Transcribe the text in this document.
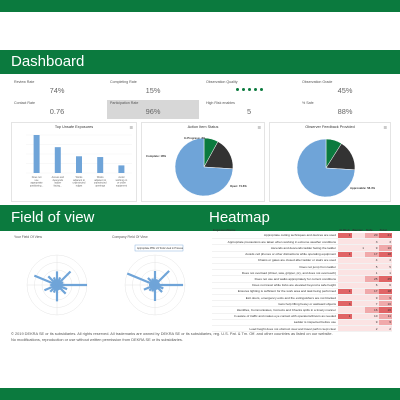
Dashboard
Review Rate
74%
Completing Rate
15%
Observation Quality	Observation Grade
45%
Contact Rate
0.76
Participation Rate
96%
High Risk enables
5
% Safe
88%
Top Unsafe Exposures	☰
Does not use appropriate positioning...
Access and descends ladder facing...
Works adjacent to unprotected edges
Works adjacent to unprotected openings
Avoid working on or under equipment
Action Item Status	☰
In Progress: 4%
Complete: 18%
Open: 74.6%
Observer Feedback Provided	☰
Approvable: 58.4%
Field of view	Heatmap
Your Field Of View	Company Field Of View
Appropriate PPE: 24 Tools Used in Process
ExposureName	At Risk	Barrier	Safe	Total
Appropriate cutting techniques and devices are used	1		20	21
Appropriate precautions are taken when working in extreme weather conditions			3	3
Ascends and descends ladder facing the ladder		1	9	10
Avoids cell phones or other distractions while operating equipment	1		17	18
Chains or gates are closed after ladder or stairs are used			4	4
Does not jump from ladder			5	5
Does not overload (chisel, saw, gripper, pry, and does not overreach)			1	1
Does not use and walks appropriately for current conditions			25	25
Does not travel while forks are elevated beyond a safe height			6	6
Ensures lighting is sufficient for the work area and task being performed	1		17	18
Exit doors, emergency exits and fire extinguishers are not blocked			9	9
Gets help lifting heavy or awkward objects	3		7	10
Identifies, Communicates, Corrects and Checks spills in a timely manner			16	16
In aware of traffic and makes eye contact with operators/drivers as needed	1		10	11
Ladder is inspected before use			9	9
Load height does not obstruct view and travel path is kept clear			2	2
© 2019 DEKRA SE or its subsidiaries. All rights reserved. All trademarks are owned by DEKRA SE or its subsidiaries, reg. U.S. Pat. & Tm. Off. and other countries as listed on our website.
No modifications, reproduction or use without written permission from DEKRA SE or its subsidiaries.
